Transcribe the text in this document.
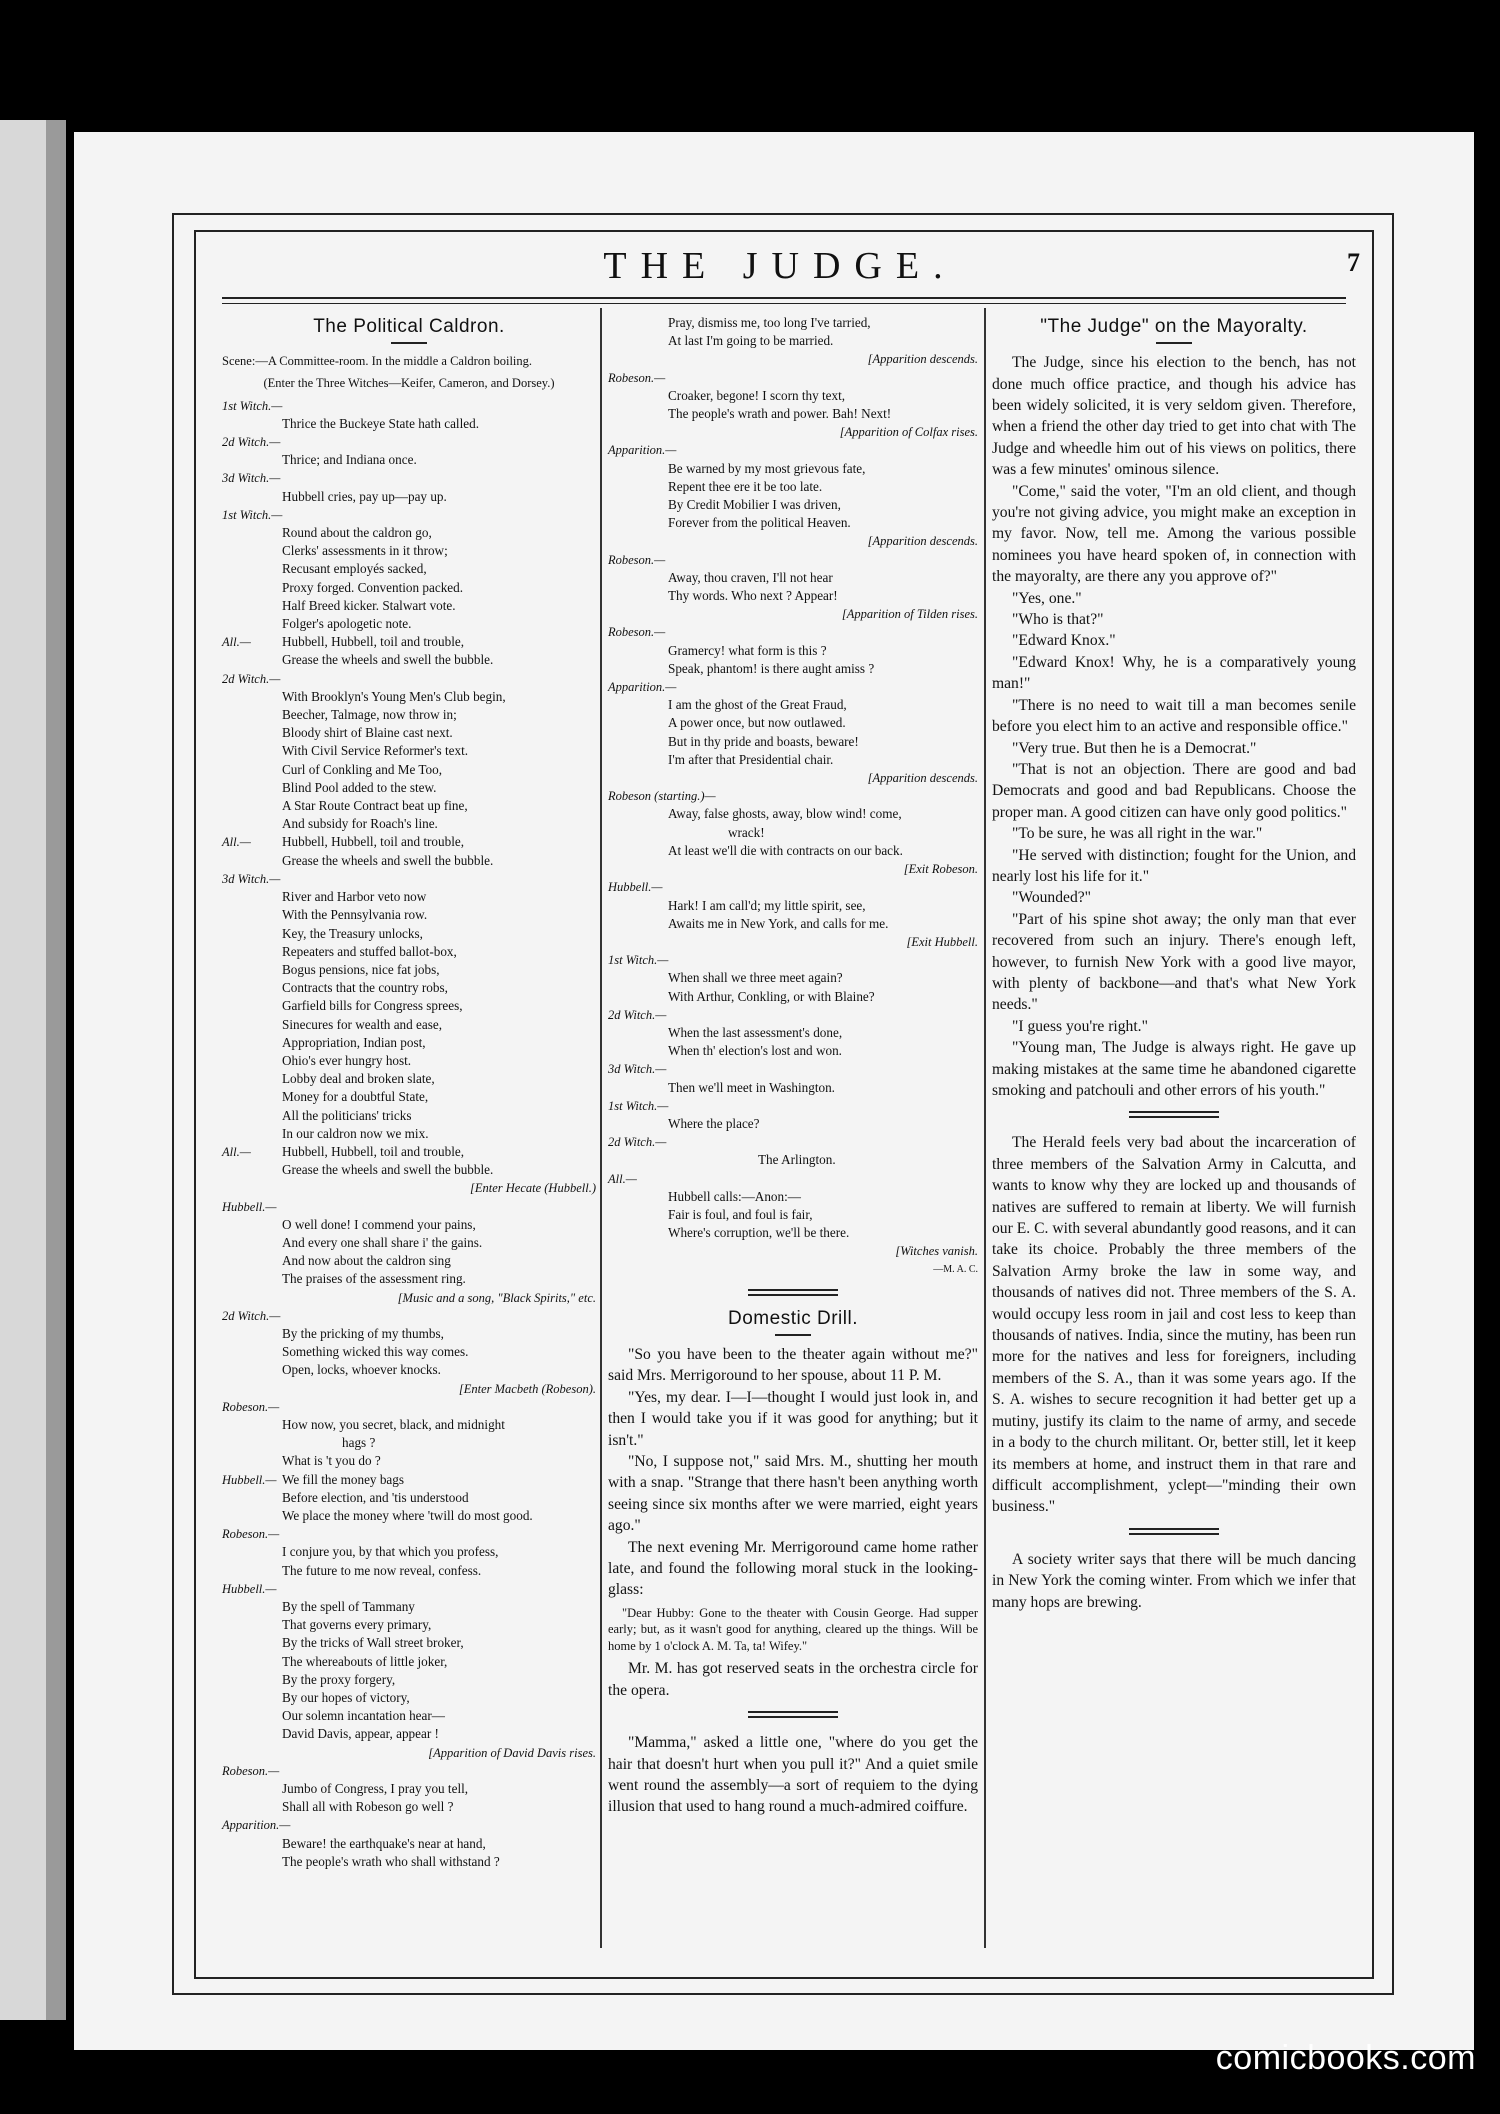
THE JUDGE.	7
The Political Caldron.

Scene:—A Committee-room. In the middle a Caldron boiling.

(Enter the Three Witches—Keifer, Cameron, and Dorsey.)

1st Witch.—

Thrice the Buckeye State hath called.

2d Witch.—

Thrice; and Indiana once.

3d Witch.—

Hubbell cries, pay up—pay up.

1st Witch.—

Round about the caldron go,

Clerks' assessments in it throw;

Recusant employés sacked,

Proxy forged. Convention packed.

Half Breed kicker. Stalwart vote.

Folger's apologetic note.

All.—	Hubbell, Hubbell, toil and trouble,

Grease the wheels and swell the bubble.

2d Witch.—

With Brooklyn's Young Men's Club begin,

Beecher, Talmage, now throw in;

Bloody shirt of Blaine cast next.

With Civil Service Reformer's text.

Curl of Conkling and Me Too,

Blind Pool added to the stew.

A Star Route Contract beat up fine,

And subsidy for Roach's line.

All.—	Hubbell, Hubbell, toil and trouble,

Grease the wheels and swell the bubble.

3d Witch.—

River and Harbor veto now

With the Pennsylvania row.

Key, the Treasury unlocks,

Repeaters and stuffed ballot-box,

Bogus pensions, nice fat jobs,

Contracts that the country robs,

Garfield bills for Congress sprees,

Sinecures for wealth and ease,

Appropriation, Indian post,

Ohio's ever hungry host.

Lobby deal and broken slate,

Money for a doubtful State,

All the politicians' tricks

In our caldron now we mix.

All.—	Hubbell, Hubbell, toil and trouble,

Grease the wheels and swell the bubble.

[Enter Hecate (Hubbell.)

Hubbell.—

O well done! I commend your pains,

And every one shall share i' the gains.

And now about the caldron sing

The praises of the assessment ring.

[Music and a song, "Black Spirits," etc.

2d Witch.—

By the pricking of my thumbs,

Something wicked this way comes.

Open, locks, whoever knocks.

[Enter Macbeth (Robeson).

Robeson.—

How now, you secret, black, and midnight

hags ?

What is 't you do ?

Hubbell.— We fill the money bags

Before election, and 'tis understood

We place the money where 'twill do most good.

Robeson.—

I conjure you, by that which you profess,

The future to me now reveal, confess.

Hubbell.—

By the spell of Tammany

That governs every primary,

By the tricks of Wall street broker,

The whereabouts of little joker,

By the proxy forgery,

By our hopes of victory,

Our solemn incantation hear—

David Davis, appear, appear !

[Apparition of David Davis rises.

Robeson.—

Jumbo of Congress, I pray you tell,

Shall all with Robeson go well ?

Apparition.—

Beware! the earthquake's near at hand,

The people's wrath who shall withstand ?

Pray, dismiss me, too long I've tarried,

At last I'm going to be married.

[Apparition descends.

Robeson.—

Croaker, begone! I scorn thy text,

The people's wrath and power. Bah! Next!

[Apparition of Colfax rises.

Apparition.—

Be warned by my most grievous fate,

Repent thee ere it be too late.

By Credit Mobilier I was driven,

Forever from the political Heaven.

[Apparition descends.

Robeson.—

Away, thou craven, I'll not hear

Thy words. Who next ? Appear!

[Apparition of Tilden rises.

Robeson.—

Gramercy! what form is this ?

Speak, phantom! is there aught amiss ?

Apparition.—

I am the ghost of the Great Fraud,

A power once, but now outlawed.

But in thy pride and boasts, beware!

I'm after that Presidential chair.

[Apparition descends.

Robeson (starting.)—

Away, false ghosts, away, blow wind! come,

wrack!

At least we'll die with contracts on our back.

[Exit Robeson.

Hubbell.—

Hark! I am call'd; my little spirit, see,

Awaits me in New York, and calls for me.

[Exit Hubbell.

1st Witch.—

When shall we three meet again?

With Arthur, Conkling, or with Blaine?

2d Witch.—

When the last assessment's done,

When th' election's lost and won.

3d Witch.—

Then we'll meet in Washington.

1st Witch.—

Where the place?

2d Witch.—

The Arlington.

All.—

Hubbell calls:—Anon:—

Fair is foul, and foul is fair,

Where's corruption, we'll be there.

[Witches vanish.

—M. A. C.

Domestic Drill.

"So you have been to the theater again without me?" said Mrs. Merrigoround to her spouse, about 11 P. M.

"Yes, my dear. I—I—thought I would just look in, and then I would take you if it was good for anything; but it isn't."

"No, I suppose not," said Mrs. M., shutting her mouth with a snap. "Strange that there hasn't been anything worth seeing since six months after we were married, eight years ago."

The next evening Mr. Merrigoround came home rather late, and found the following moral stuck in the looking-glass:

"Dear Hubby: Gone to the theater with Cousin George. Had supper early; but, as it wasn't good for anything, cleared up the things. Will be home by 1 o'clock A. M. Ta, ta! Wifey."

Mr. M. has got reserved seats in the orchestra circle for the opera.

"Mamma," asked a little one, "where do you get the hair that doesn't hurt when you pull it?" And a quiet smile went round the assembly—a sort of requiem to the dying illusion that used to hang round a much-admired coiffure.

"The Judge" on the Mayoralty.

The Judge, since his election to the bench, has not done much office practice, and though his advice has been widely solicited, it is very seldom given. Therefore, when a friend the other day tried to get into chat with The Judge and wheedle him out of his views on politics, there was a few minutes' ominous silence.

"Come," said the voter, "I'm an old client, and though you're not giving advice, you might make an exception in my favor. Now, tell me. Among the various possible nominees you have heard spoken of, in connection with the mayoralty, are there any you approve of?"

"Yes, one."

"Who is that?"

"Edward Knox."

"Edward Knox! Why, he is a comparatively young man!"

"There is no need to wait till a man becomes senile before you elect him to an active and responsible office."

"Very true. But then he is a Democrat."

"That is not an objection. There are good and bad Democrats and good and bad Republicans. Choose the proper man. A good citizen can have only good politics."

"To be sure, he was all right in the war."

"He served with distinction; fought for the Union, and nearly lost his life for it."

"Wounded?"

"Part of his spine shot away; the only man that ever recovered from such an injury. There's enough left, however, to furnish New York with a good live mayor, with plenty of backbone—and that's what New York needs."

"I guess you're right."

"Young man, The Judge is always right. He gave up making mistakes at the same time he abandoned cigarette smoking and patchouli and other errors of his youth."

The Herald feels very bad about the incarceration of three members of the Salvation Army in Calcutta, and wants to know why they are locked up and thousands of natives are suffered to remain at liberty. We will furnish our E. C. with several abundantly good reasons, and it can take its choice. Probably the three members of the Salvation Army broke the law in some way, and thousands of natives did not. Three members of the S. A. would occupy less room in jail and cost less to keep than thousands of natives. India, since the mutiny, has been run more for the natives and less for foreigners, including members of the S. A., than it was some years ago. If the S. A. wishes to secure recognition it had better get up a mutiny, justify its claim to the name of army, and secede in a body to the church militant. Or, better still, let it keep its members at home, and instruct them in that rare and difficult accomplishment, yclept—"minding their own business."

A society writer says that there will be much dancing in New York the coming winter. From which we infer that many hops are brewing.

comicbooks.com
